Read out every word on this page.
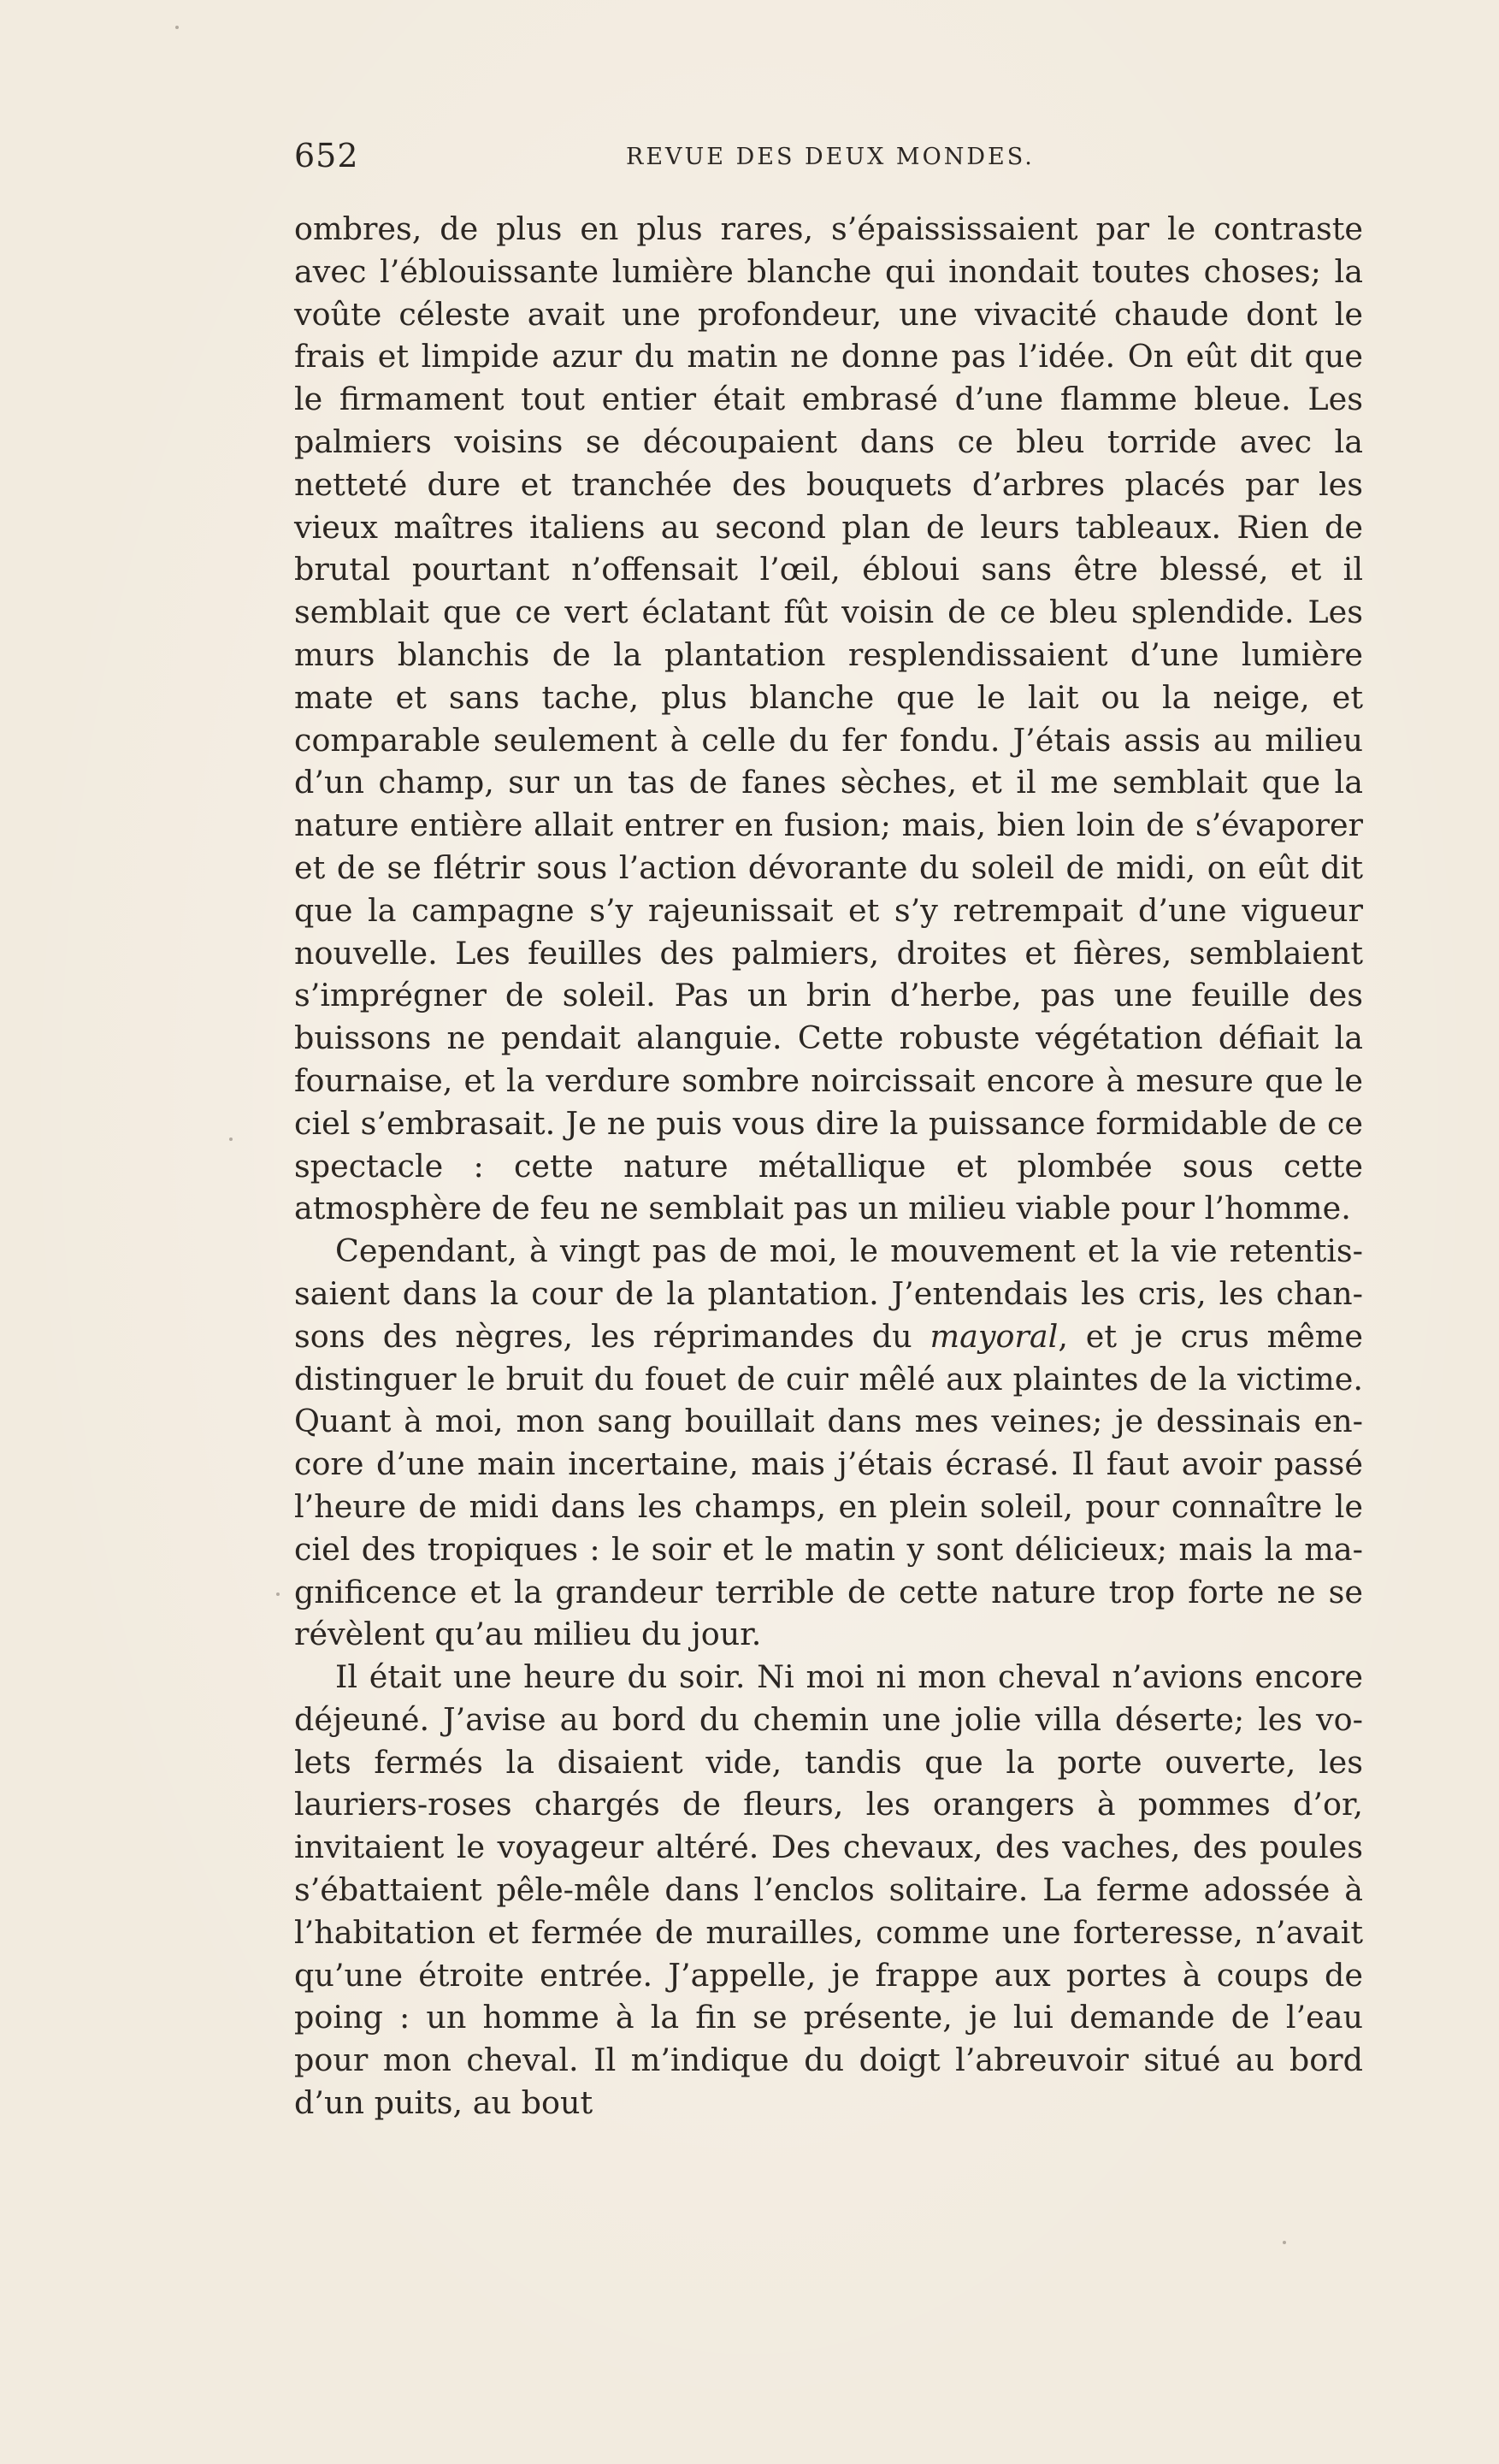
652	REVUE DES DEUX MONDES.

ombres, de plus en plus rares, s’épaississaient par le contraste avec l’éblouissante lumière blanche qui inondait toutes choses; la voûte céleste avait une profondeur, une vivacité chaude dont le frais et limpide azur du matin ne donne pas l’idée. On eût dit que le firmament tout entier était embrasé d’une flamme bleue. Les palmiers voisins se découpaient dans ce bleu torride avec la netteté dure et tranchée des bouquets d’arbres placés par les vieux maîtres italiens au second plan de leurs tableaux. Rien de brutal pourtant n’offensait l’œil, ébloui sans être blessé, et il semblait que ce vert éclatant fût voisin de ce bleu splendide. Les murs blanchis de la plantation resplendissaient d’une lumière mate et sans tache, plus blanche que le lait ou la neige, et comparable seulement à celle du fer fondu. J’étais assis au milieu d’un champ, sur un tas de fanes sèches, et il me semblait que la nature entière allait entrer en fusion; mais, bien loin de s’évaporer et de se flétrir sous l’action dévorante du soleil de midi, on eût dit que la campagne s’y rajeunissait et s’y retrempait d’une vigueur nouvelle. Les feuilles des palmiers, droites et fières, semblaient s’imprégner de soleil. Pas un brin d’herbe, pas une feuille des buissons ne pendait alanguie. Cette robuste végétation défiait la fournaise, et la verdure sombre noircissait encore à mesure que le ciel s’embrasait. Je ne puis vous dire la puissance formidable de ce spectacle : cette nature métallique et plombée sous cette atmosphère de feu ne semblait pas un milieu viable pour l’homme.

Cependant, à vingt pas de moi, le mouvement et la vie retentissaient dans la cour de la plantation. J’entendais les cris, les chansons des nègres, les réprimandes du mayoral, et je crus même distinguer le bruit du fouet de cuir mêlé aux plaintes de la victime. Quant à moi, mon sang bouillait dans mes veines; je dessinais encore d’une main incertaine, mais j’étais écrasé. Il faut avoir passé l’heure de midi dans les champs, en plein soleil, pour connaître le ciel des tropiques : le soir et le matin y sont délicieux; mais la magnificence et la grandeur terrible de cette nature trop forte ne se révèlent qu’au milieu du jour.

Il était une heure du soir. Ni moi ni mon cheval n’avions encore déjeuné. J’avise au bord du chemin une jolie villa déserte; les volets fermés la disaient vide, tandis que la porte ouverte, les lauriers-roses chargés de fleurs, les orangers à pommes d’or, invitaient le voyageur altéré. Des chevaux, des vaches, des poules s’ébattaient pêle-mêle dans l’enclos solitaire. La ferme adossée à l’habitation et fermée de murailles, comme une forteresse, n’avait qu’une étroite entrée. J’appelle, je frappe aux portes à coups de poing : un homme à la fin se présente, je lui demande de l’eau pour mon cheval. Il m’indique du doigt l’abreuvoir situé au bord d’un puits, au bout
